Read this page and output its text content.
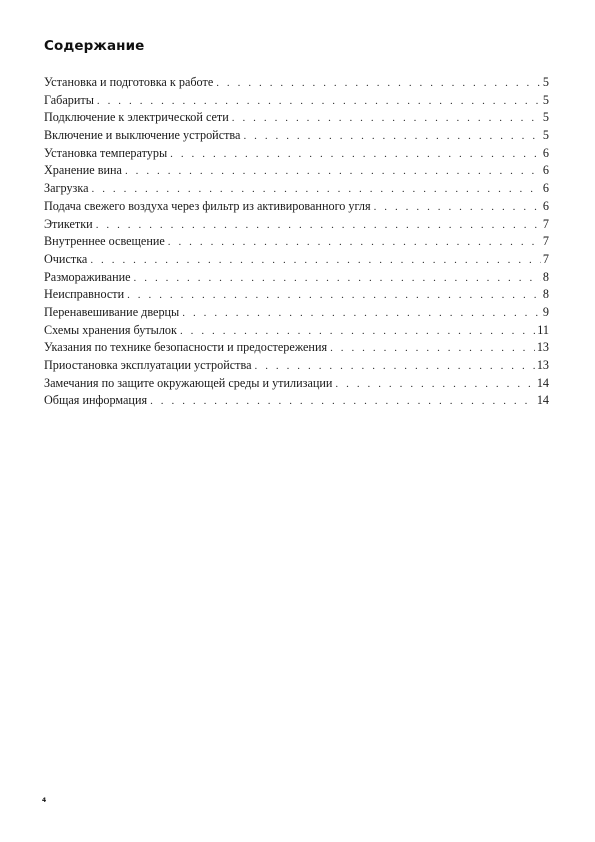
Содержание
Установка и подготовка к работе . . .	5
Габариты . . .	5
Подключение к электрической сети . . .	5
Включение и выключение устройства . . .	5
Установка температуры . . .	6
Хранение вина . . .	6
Загрузка . . .	6
Подача свежего воздуха через фильтр из активированного угля . . .	6
Этикетки . . .	7
Внутреннее освещение . . .	7
Очистка . . .	7
Размораживание . . .	8
Неисправности . . .	8
Перенавешивание дверцы . . .	9
Схемы хранения бутылок . . .	11
Указания по технике безопасности и предостережения . . .	13
Приостановка эксплуатации устройства . . .	13
Замечания по защите окружающей среды и утилизации . . .	14
Общая информация . . .	14
4
